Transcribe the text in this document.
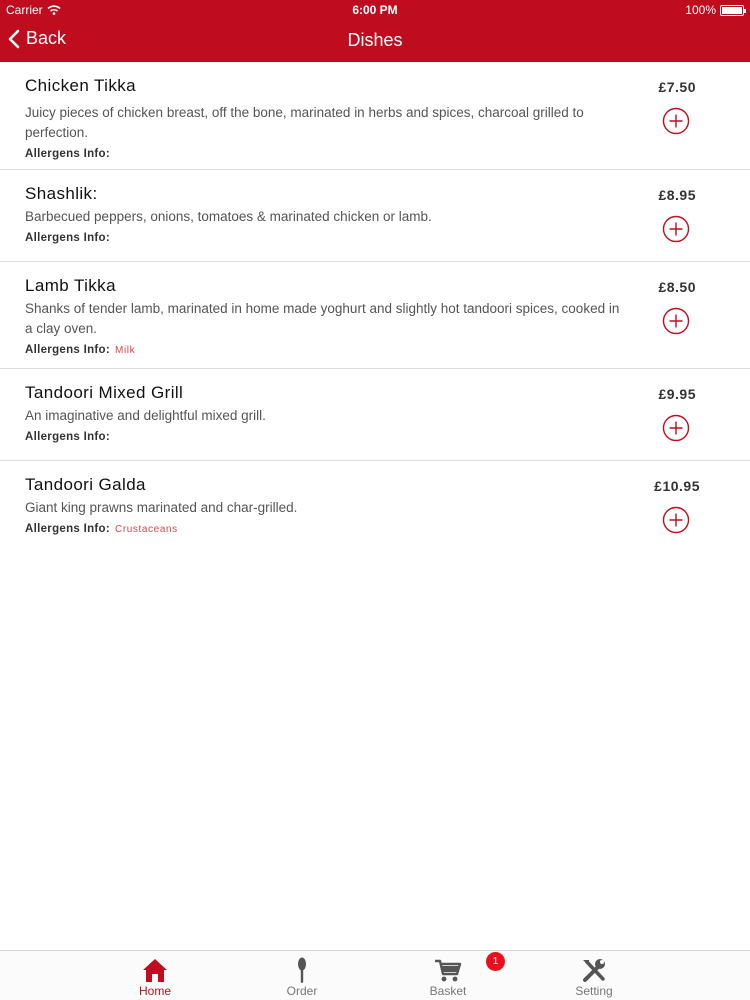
Carrier	6:00 PM	100%
Back	Dishes
Chicken Tikka
Juicy pieces of chicken breast, off the bone, marinated in herbs and spices, charcoal grilled to perfection.
Allergens Info:
£7.50
Shashlik:
Barbecued peppers, onions, tomatoes & marinated chicken or lamb.
Allergens Info:
£8.95
Lamb Tikka
Shanks of tender lamb, marinated in home made yoghurt and slightly hot tandoori spices, cooked in a clay oven.
Allergens Info: Milk
£8.50
Tandoori Mixed Grill
An imaginative and delightful mixed grill.
Allergens Info:
£9.95
Tandoori Galda
Giant king prawns marinated and char-grilled.
Allergens Info: Crustaceans
£10.95
Home	Order	Basket	Setting
1
